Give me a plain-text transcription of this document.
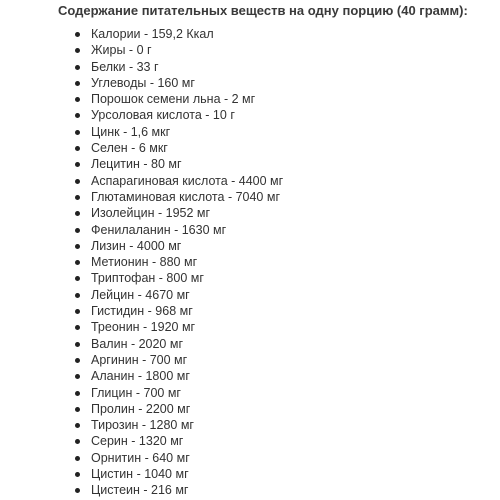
Содержание питательных веществ на одну порцию (40 грамм):
Калории - 159,2 Ккал
Жиры - 0 г
Белки - 33 г
Углеводы - 160 мг
Порошок семени льна - 2 мг
Урсоловая кислота - 10 г
Цинк - 1,6 мкг
Селен - 6 мкг
Лецитин - 80 мг
Аспарагиновая кислота - 4400 мг
Глютаминовая кислота - 7040 мг
Изолейцин - 1952 мг
Фенилаланин - 1630 мг
Лизин - 4000 мг
Метионин - 880 мг
Триптофан - 800 мг
Лейцин - 4670 мг
Гистидин - 968 мг
Треонин - 1920 мг
Валин - 2020 мг
Аргинин - 700 мг
Аланин - 1800 мг
Глицин - 700 мг
Пролин - 2200 мг
Тирозин - 1280 мг
Серин - 1320 мг
Орнитин - 640 мг
Цистин - 1040 мг
Цистеин - 216 мг
